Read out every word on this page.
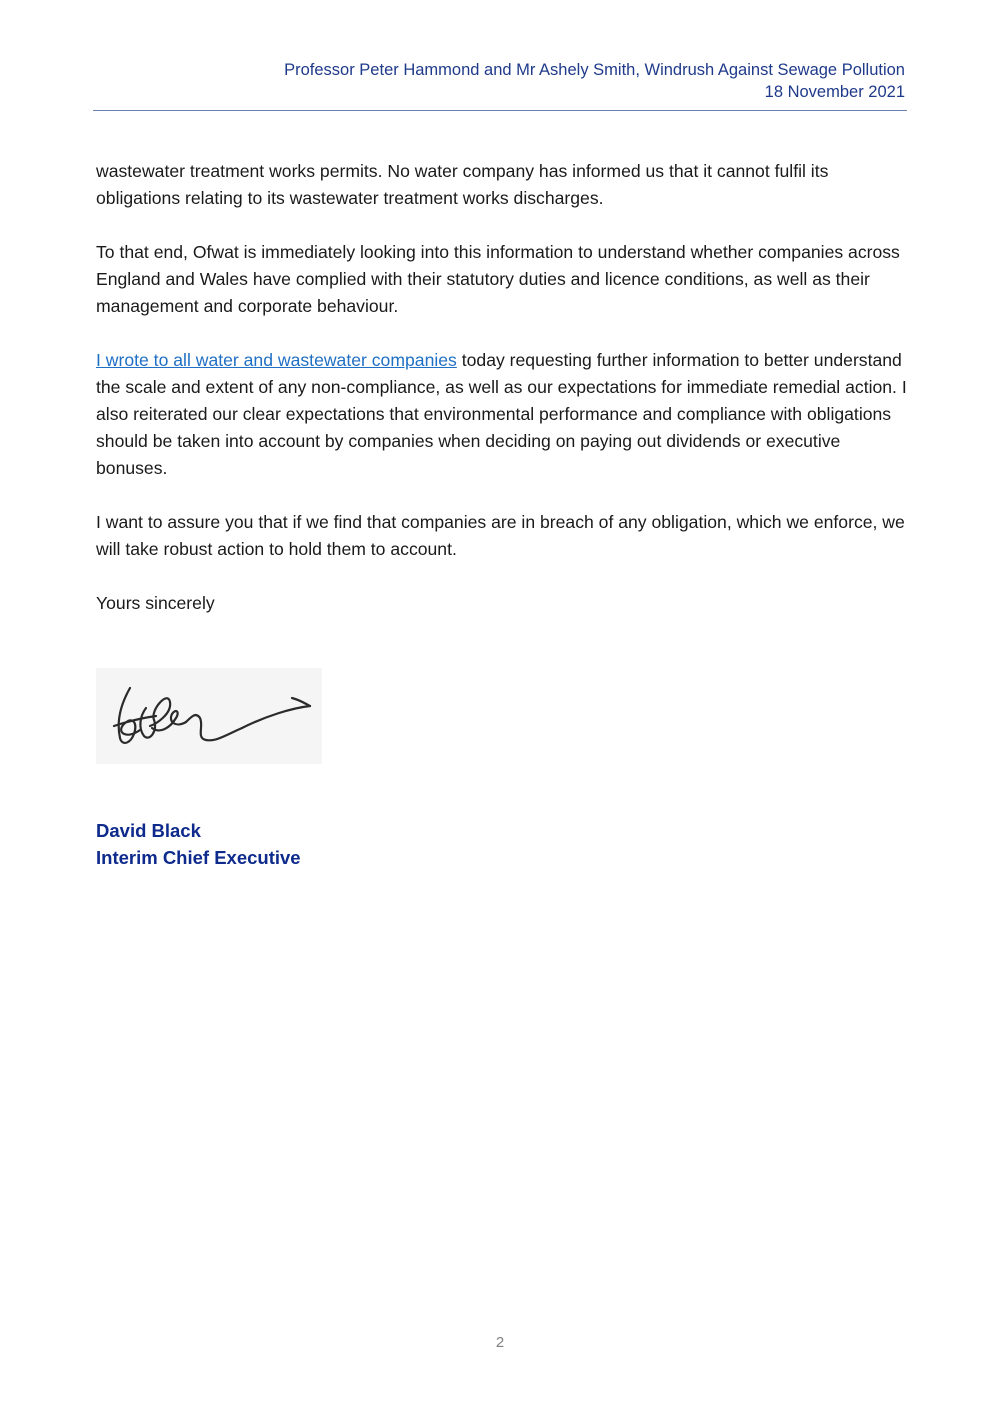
Professor Peter Hammond and Mr Ashely Smith, Windrush Against Sewage Pollution
18 November 2021

wastewater treatment works permits. No water company has informed us that it cannot fulfil its obligations relating to its wastewater treatment works discharges.

To that end, Ofwat is immediately looking into this information to understand whether companies across England and Wales have complied with their statutory duties and licence conditions, as well as their management and corporate behaviour.

I wrote to all water and wastewater companies today requesting further information to better understand the scale and extent of any non-compliance, as well as our expectations for immediate remedial action. I also reiterated our clear expectations that environmental performance and compliance with obligations should be taken into account by companies when deciding on paying out dividends or executive bonuses.

I want to assure you that if we find that companies are in breach of any obligation, which we enforce, we will take robust action to hold them to account.

Yours sincerely

David Black
Interim Chief Executive
2
